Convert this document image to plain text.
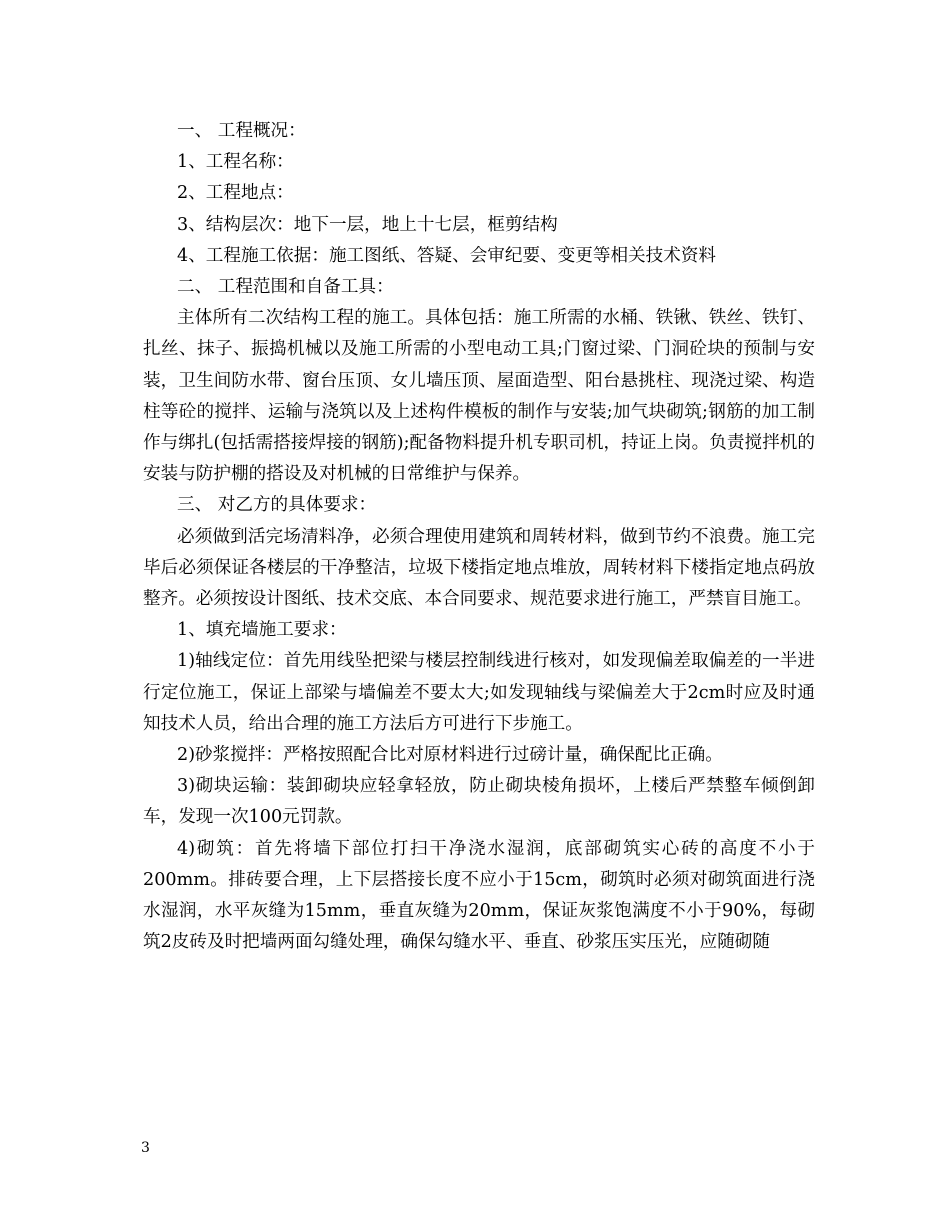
一、 工程概况：

1、工程名称：

2、工程地点：

3、结构层次：地下一层，地上十七层，框剪结构

4、工程施工依据：施工图纸、答疑、会审纪要、变更等相关技术资料

二、 工程范围和自备工具：

主体所有二次结构工程的施工。具体包括：施工所需的水桶、铁锹、铁丝、铁钉、扎丝、抹子、振捣机械以及施工所需的小型电动工具;门窗过梁、门洞砼块的预制与安装，卫生间防水带、窗台压顶、女儿墙压顶、屋面造型、阳台悬挑柱、现浇过梁、构造柱等砼的搅拌、运输与浇筑以及上述构件模板的制作与安装;加气块砌筑;钢筋的加工制作与绑扎(包括需搭接焊接的钢筋);配备物料提升机专职司机，持证上岗。负责搅拌机的安装与防护棚的搭设及对机械的日常维护与保养。

三、 对乙方的具体要求：

必须做到活完场清料净，必须合理使用建筑和周转材料，做到节约不浪费。施工完毕后必须保证各楼层的干净整洁，垃圾下楼指定地点堆放，周转材料下楼指定地点码放整齐。必须按设计图纸、技术交底、本合同要求、规范要求进行施工，严禁盲目施工。

1、填充墙施工要求：

1)轴线定位：首先用线坠把梁与楼层控制线进行核对，如发现偏差取偏差的一半进行定位施工，保证上部梁与墙偏差不要太大;如发现轴线与梁偏差大于2cm时应及时通知技术人员，给出合理的施工方法后方可进行下步施工。

2)砂浆搅拌：严格按照配合比对原材料进行过磅计量，确保配比正确。

3)砌块运输：装卸砌块应轻拿轻放，防止砌块棱角损坏，上楼后严禁整车倾倒卸车，发现一次100元罚款。

4)砌筑：首先将墙下部位打扫干净浇水湿润，底部砌筑实心砖的高度不小于200mm。排砖要合理，上下层搭接长度不应小于15cm，砌筑时必须对砌筑面进行浇水湿润，水平灰缝为15mm，垂直灰缝为20mm，保证灰浆饱满度不小于90%，每砌筑2皮砖及时把墙两面勾缝处理，确保勾缝水平、垂直、砂浆压实压光，应随砌随

3
